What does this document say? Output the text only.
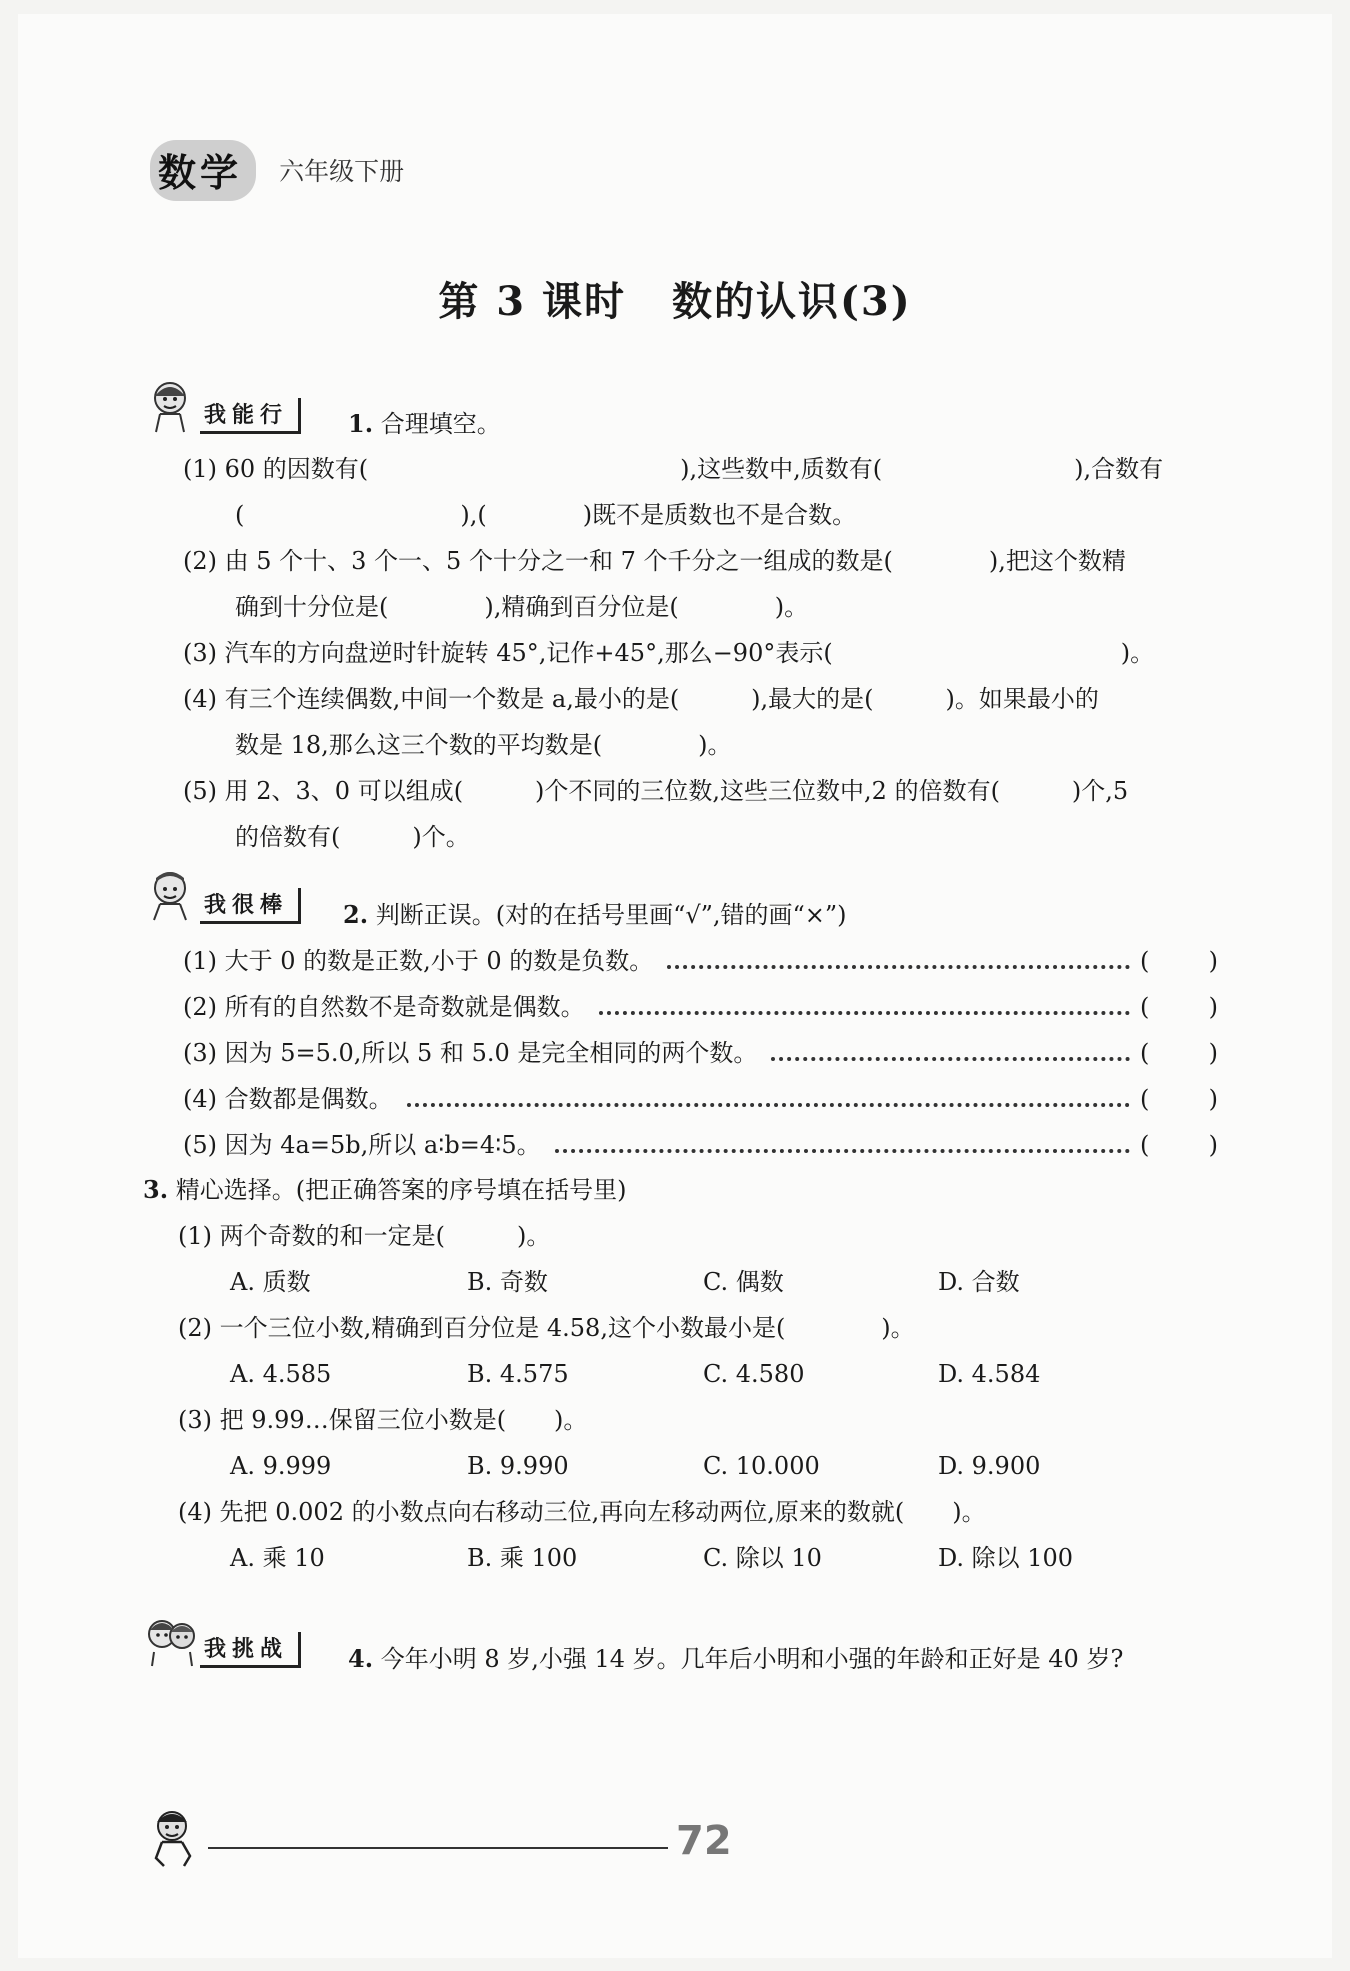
数学 六年级下册
第 3 课时 数的认识(3)
我能行	1. 合理填空。
(1) 60 的因数有(　　　　　　　　　　　　　),这些数中,质数有(　　　　　　　　),合数有
(　　　　　　　　　),(　　　　)既不是质数也不是合数。
(2) 由 5 个十、3 个一、5 个十分之一和 7 个千分之一组成的数是(　　　　),把这个数精
确到十分位是(　　　　),精确到百分位是(　　　　)。
(3) 汽车的方向盘逆时针旋转 45°,记作+45°,那么−90°表示(　　　　　　　　　　　　)。
(4) 有三个连续偶数,中间一个数是 a,最小的是(　　　),最大的是(　　　)。如果最小的
数是 18,那么这三个数的平均数是(　　　　)。
(5) 用 2、3、0 可以组成(　　　)个不同的三位数,这些三位数中,2 的倍数有(　　　)个,5
的倍数有(　　　)个。
我很棒	2. 判断正误。(对的在括号里画“√”,错的画“×”)
(1) 大于 0 的数是正数,小于 0 的数是负数。	( )
(2) 所有的自然数不是奇数就是偶数。	( )
(3) 因为 5=5.0,所以 5 和 5.0 是完全相同的两个数。	( )
(4) 合数都是偶数。	( )
(5) 因为 4a=5b,所以 a∶b=4∶5。	( )
3. 精心选择。(把正确答案的序号填在括号里)
(1) 两个奇数的和一定是(　　　)。
A. 质数	B. 奇数	C. 偶数	D. 合数
(2) 一个三位小数,精确到百分位是 4.58,这个小数最小是(　　　　)。
A. 4.585	B. 4.575	C. 4.580	D. 4.584
(3) 把 9.99…保留三位小数是(　　)。
A. 9.999	B. 9.990	C. 10.000	D. 9.900
(4) 先把 0.002 的小数点向右移动三位,再向左移动两位,原来的数就(　　)。
A. 乘 10	B. 乘 100	C. 除以 10	D. 除以 100
我挑战	4. 今年小明 8 岁,小强 14 岁。几年后小明和小强的年龄和正好是 40 岁?
72
